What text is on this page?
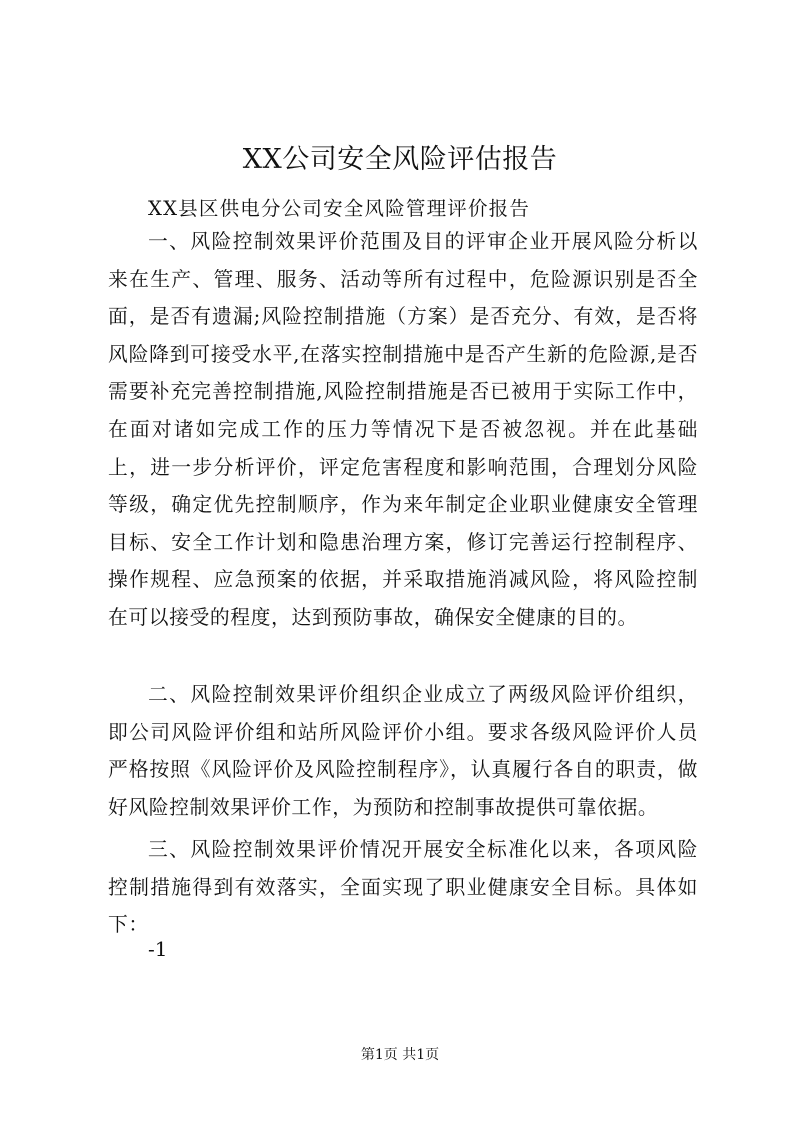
XX公司安全风险评估报告
XX县区供电分公司安全风险管理评价报告

一、风险控制效果评价范围及目的评审企业开展风险分析以来在生产、管理、服务、活动等所有过程中，危险源识别是否全面，是否有遗漏;风险控制措施（方案）是否充分、有效，是否将风险降到可接受水平,在落实控制措施中是否产生新的危险源,是否需要补充完善控制措施,风险控制措施是否已被用于实际工作中，在面对诸如完成工作的压力等情况下是否被忽视。并在此基础上，进一步分析评价，评定危害程度和影响范围，合理划分风险等级，确定优先控制顺序，作为来年制定企业职业健康安全管理目标、安全工作计划和隐患治理方案，修订完善运行控制程序、操作规程、应急预案的依据，并采取措施消减风险，将风险控制在可以接受的程度，达到预防事故，确保安全健康的目的。

二、风险控制效果评价组织企业成立了两级风险评价组织，即公司风险评价组和站所风险评价小组。要求各级风险评价人员严格按照《风险评价及风险控制程序》，认真履行各自的职责，做好风险控制效果评价工作，为预防和控制事故提供可靠依据。

三、风险控制效果评价情况开展安全标准化以来，各项风险控制措施得到有效落实，全面实现了职业健康安全目标。具体如下：

-1
第1页 共1页
